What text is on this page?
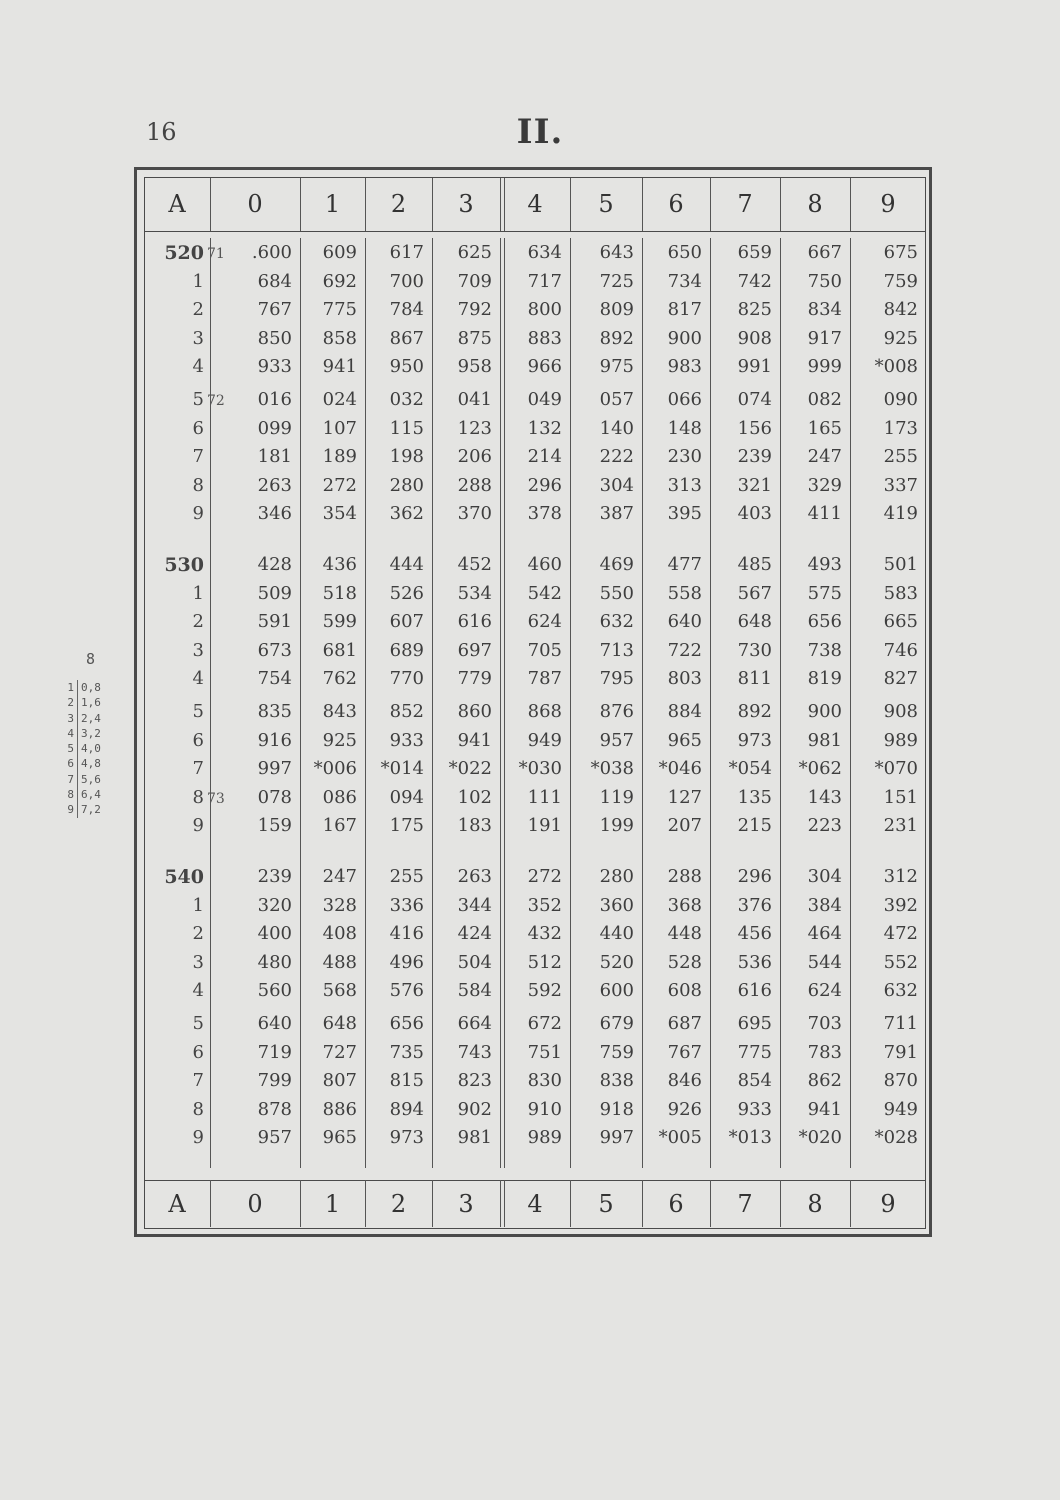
16	II.
A	0	1	2	3	4	5	6	7	8	9
A	0	1	2	3	4	5	6	7	8	9
520 71	.600	609	617	625	634	643	650	659	667	675
1	684	692	700	709	717	725	734	742	750	759
2	767	775	784	792	800	809	817	825	834	842
3	850	858	867	875	883	892	900	908	917	925
4	933	941	950	958	966	975	983	991	999	*008
5 72	016	024	032	041	049	057	066	074	082	090
6	099	107	115	123	132	140	148	156	165	173
7	181	189	198	206	214	222	230	239	247	255
8	263	272	280	288	296	304	313	321	329	337
9	346	354	362	370	378	387	395	403	411	419
530	428	436	444	452	460	469	477	485	493	501
1	509	518	526	534	542	550	558	567	575	583
2	591	599	607	616	624	632	640	648	656	665
3	673	681	689	697	705	713	722	730	738	746
4	754	762	770	779	787	795	803	811	819	827
5	835	843	852	860	868	876	884	892	900	908
6	916	925	933	941	949	957	965	973	981	989
7	997	*006	*014	*022	*030	*038	*046	*054	*062	*070
8 73	078	086	094	102	111	119	127	135	143	151
9	159	167	175	183	191	199	207	215	223	231
540	239	247	255	263	272	280	288	296	304	312
1	320	328	336	344	352	360	368	376	384	392
2	400	408	416	424	432	440	448	456	464	472
3	480	488	496	504	512	520	528	536	544	552
4	560	568	576	584	592	600	608	616	624	632
5	640	648	656	664	672	679	687	695	703	711
6	719	727	735	743	751	759	767	775	783	791
7	799	807	815	823	830	838	846	854	862	870
8	878	886	894	902	910	918	926	933	941	949
9	957	965	973	981	989	997	*005	*013	*020	*028
8
1 0,8
2 1,6
3 2,4
4 3,2
5 4,0
6 4,8
7 5,6
8 6,4
9 7,2
